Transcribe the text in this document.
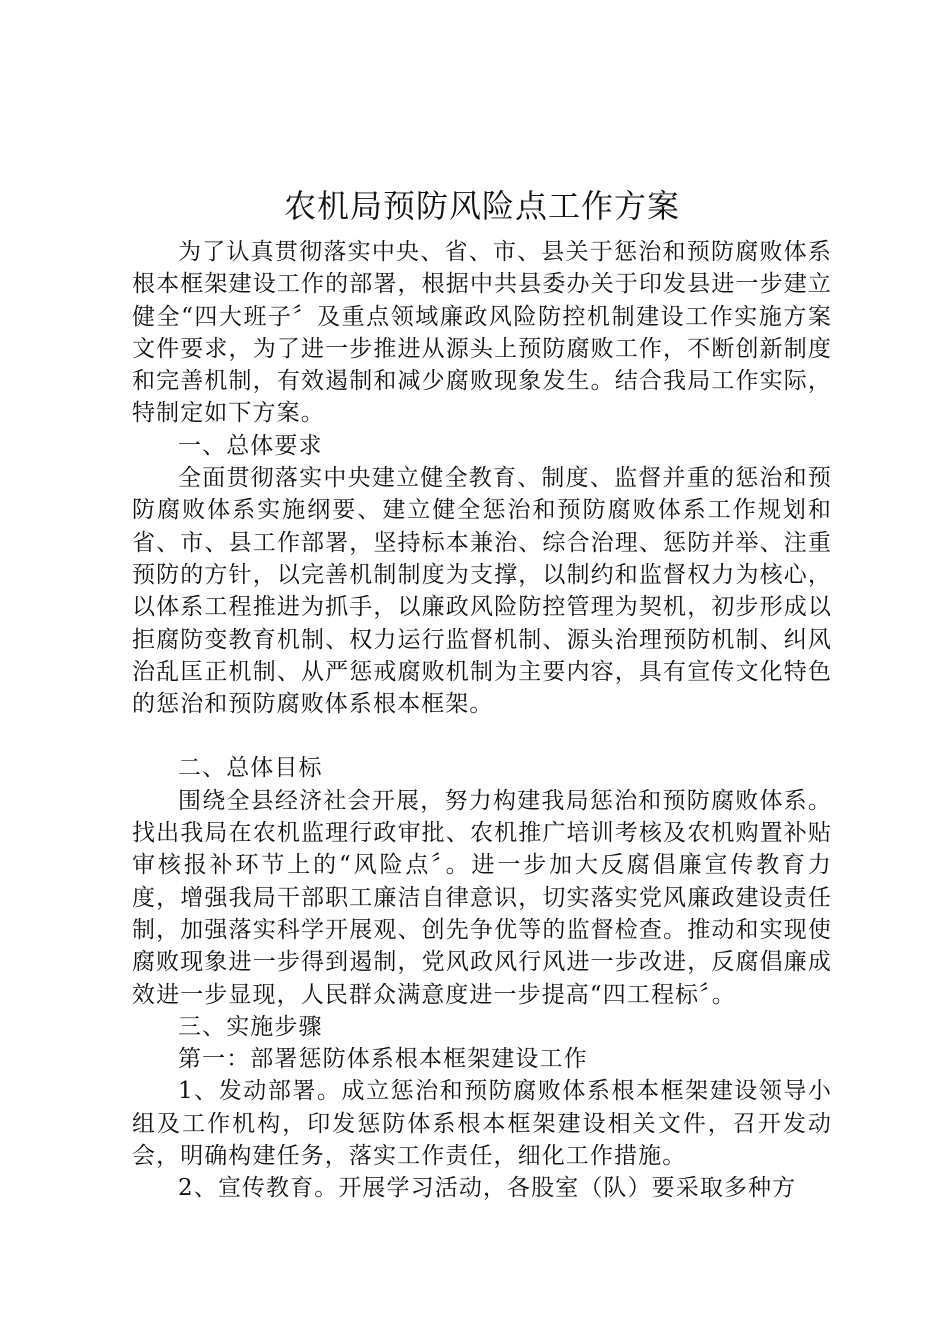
农机局预防风险点工作方案

为了认真贯彻落实中央、省、市、县关于惩治和预防腐败体系根本框架建设工作的部署，根据中共县委办关于印发县进一步建立健全“四大班子〞及重点领域廉政风险防控机制建设工作实施方案文件要求，为了进一步推进从源头上预防腐败工作，不断创新制度和完善机制，有效遏制和减少腐败现象发生。结合我局工作实际，特制定如下方案。

一、总体要求

全面贯彻落实中央建立健全教育、制度、监督并重的惩治和预防腐败体系实施纲要、建立健全惩治和预防腐败体系工作规划和省、市、县工作部署，坚持标本兼治、综合治理、惩防并举、注重预防的方针，以完善机制制度为支撑，以制约和监督权力为核心，以体系工程推进为抓手，以廉政风险防控管理为契机，初步形成以拒腐防变教育机制、权力运行监督机制、源头治理预防机制、纠风治乱匡正机制、从严惩戒腐败机制为主要内容，具有宣传文化特色的惩治和预防腐败体系根本框架。

二、总体目标

围绕全县经济社会开展，努力构建我局惩治和预防腐败体系。找出我局在农机监理行政审批、农机推广培训考核及农机购置补贴审核报补环节上的“风险点〞。进一步加大反腐倡廉宣传教育力度，增强我局干部职工廉洁自律意识，切实落实党风廉政建设责任制，加强落实科学开展观、创先争优等的监督检查。推动和实现使腐败现象进一步得到遏制，党风政风行风进一步改进，反腐倡廉成效进一步显现，人民群众满意度进一步提高“四工程标〞。

三、实施步骤

第一：部署惩防体系根本框架建设工作

1、发动部署。成立惩治和预防腐败体系根本框架建设领导小组及工作机构，印发惩防体系根本框架建设相关文件，召开发动会，明确构建任务，落实工作责任，细化工作措施。

2、宣传教育。开展学习活动，各股室（队）要采取多种方
